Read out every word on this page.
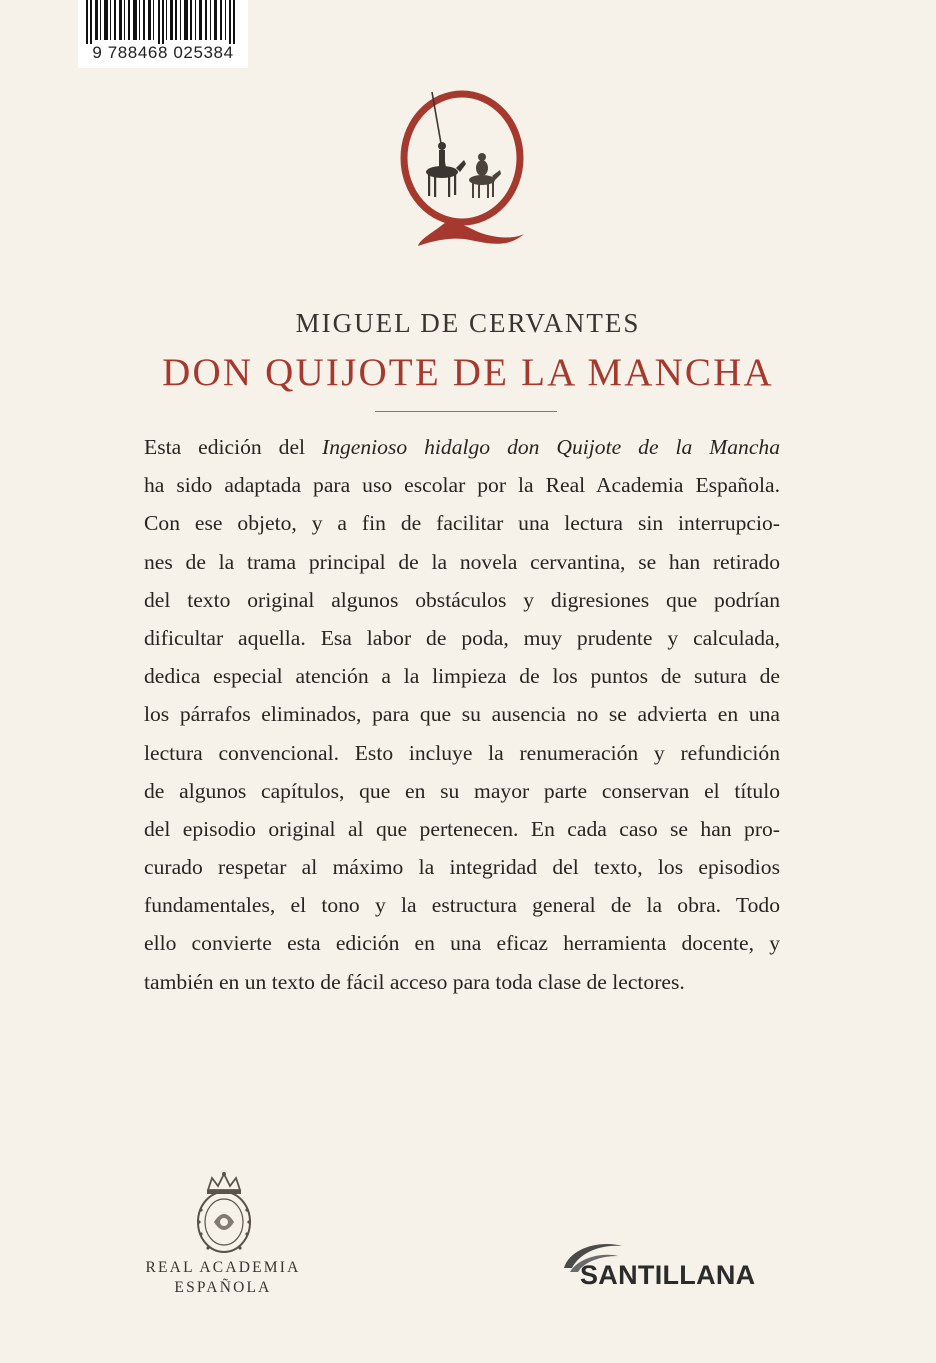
9 788468 025384
MIGUEL DE CERVANTES
DON QUIJOTE DE LA MANCHA

Esta edición del Ingenioso hidalgo don Quijote de la Mancha
ha sido adaptada para uso escolar por la Real Academia Española.
Con ese objeto, y a fin de facilitar una lectura sin interrupcio-
nes de la trama principal de la novela cervantina, se han retirado
del texto original algunos obstáculos y digresiones que podrían
dificultar aquella. Esa labor de poda, muy prudente y calculada,
dedica especial atención a la limpieza de los puntos de sutura de
los párrafos eliminados, para que su ausencia no se advierta en una
lectura convencional. Esto incluye la renumeración y refundición
de algunos capítulos, que en su mayor parte conservan el título
del episodio original al que pertenecen. En cada caso se han pro-
curado respetar al máximo la integridad del texto, los episodios
fundamentales, el tono y la estructura general de la obra. Todo
ello convierte esta edición en una eficaz herramienta docente, y
también en un texto de fácil acceso para toda clase de lectores.

REAL ACADEMIA
ESPAÑOLA	SANTILLANA
